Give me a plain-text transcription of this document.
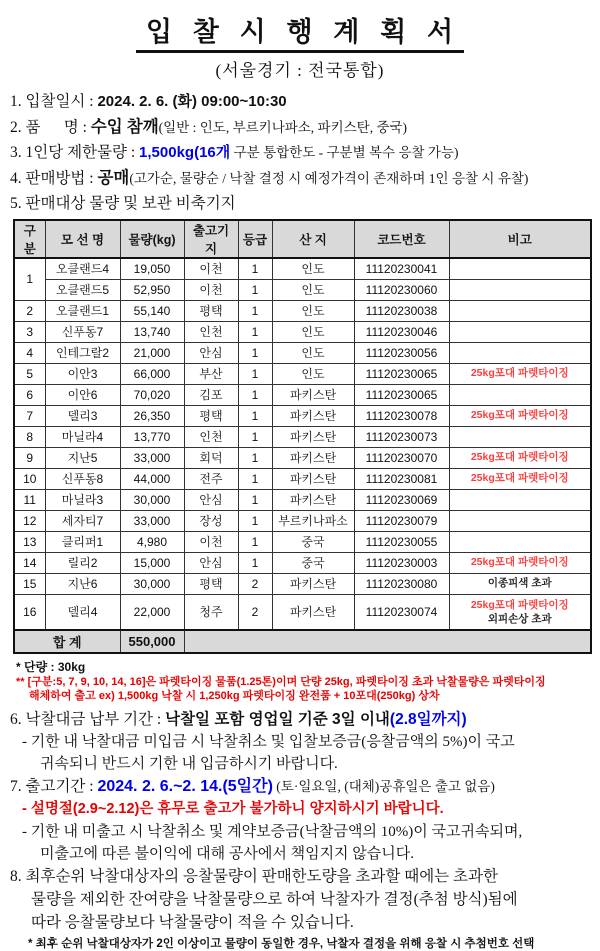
입 찰 시 행 계 획 서
(서울경기 : 전국통합)
1. 입찰일시 : 2024. 2. 6. (화) 09:00~10:30
2. 품      명 : 수입 참깨(일반 : 인도, 부르키나파소, 파키스탄, 중국)
3. 1인당 제한물량 : 1,500kg(16개 구분 통합한도 - 구분별 복수 응찰 가능)
4. 판매방법 : 공매(고가순, 물량순 / 낙찰 결정 시 예정가격이 존재하며 1인 응찰 시 유찰)
5. 판매대상 물량 및 보관 비축기지
구분	모 선 명	물량(kg)	출고기지	등급	산 지	코드번호	비고
1	오클랜드4	19,050	이천	1	인도	11120230041	
	오클랜드5	52,950	이천	1	인도	11120230060	
2	오클랜드1	55,140	평택	1	인도	11120230038	
3	신푸동7	13,740	인천	1	인도	11120230046	
4	인테그랄2	21,000	안심	1	인도	11120230056	
5	이안3	66,000	부산	1	인도	11120230065	25kg포대 파렛타이징

6	이안6	70,020	김포	1	파키스탄	11120230065	
7	델리3	26,350	평택	1	파키스탄	11120230078	25kg포대 파렛타이징

8	마닐라4	13,770	인천	1	파키스탄	11120230073	
9	지난5	33,000	회덕	1	파키스탄	11120230070	25kg포대 파렛타이징

10	신푸동8	44,000	전주	1	파키스탄	11120230081	25kg포대 파렛타이징

11	마닐라3	30,000	안심	1	파키스탄	11120230069	
12	세자티7	33,000	장성	1	부르키나파소	11120230079	
13	클리퍼1	4,980	이천	1	중국	11120230055	
14	릴리2	15,000	안심	1	중국	11120230003	25kg포대 파렛타이징

15	지난6	30,000	평택	2	파키스탄	11120230080	이종피색 초과

16	델리4	22,000	청주	2	파키스탄	11120230074	25kg포대 파렛타이징
외피손상 초과

합 계		550,000					
* 단량 : 30kg
** [구분:5, 7, 9, 10, 14, 16]은 파렛타이징 물품(1.25톤)이며 단량 25kg, 파렛타이징 초과 낙찰물량은 파렛타이징
해체하여 출고 ex) 1,500kg 낙찰 시 1,250kg 파렛타이징 완전품 + 10포대(250kg) 상차
6. 낙찰대금 납부 기간 : 낙찰일 포함 영업일 기준 3일 이내(2.8일까지)
- 기한 내 낙찰대금 미입금 시 낙찰취소 및 입찰보증금(응찰금액의 5%)이 국고
귀속되니 반드시 기한 내 입금하시기 바랍니다.
7. 출고기간 : 2024. 2. 6.~2. 14.(5일간) (토·일요일, (대체)공휴일은 출고 없음)
- 설명절(2.9~2.12)은 휴무로 출고가 불가하니 양지하시기 바랍니다.
- 기한 내 미출고 시 낙찰취소 및 계약보증금(낙찰금액의 10%)이 국고귀속되며,
미출고에 따른 불이익에 대해 공사에서 책임지지 않습니다.
8. 최후순위 낙찰대상자의 응찰물량이 판매한도량을 초과할 때에는 초과한
물량을 제외한 잔여량을 낙찰물량으로 하여 낙찰자가 결정(추첨 방식)됨에
따라 응찰물량보다 낙찰물량이 적을 수 있습니다.
* 최후 순위 낙찰대상자가 2인 이상이고 물량이 동일한 경우, 낙찰자 결정을 위해 응찰 시 추첨번호 선택
